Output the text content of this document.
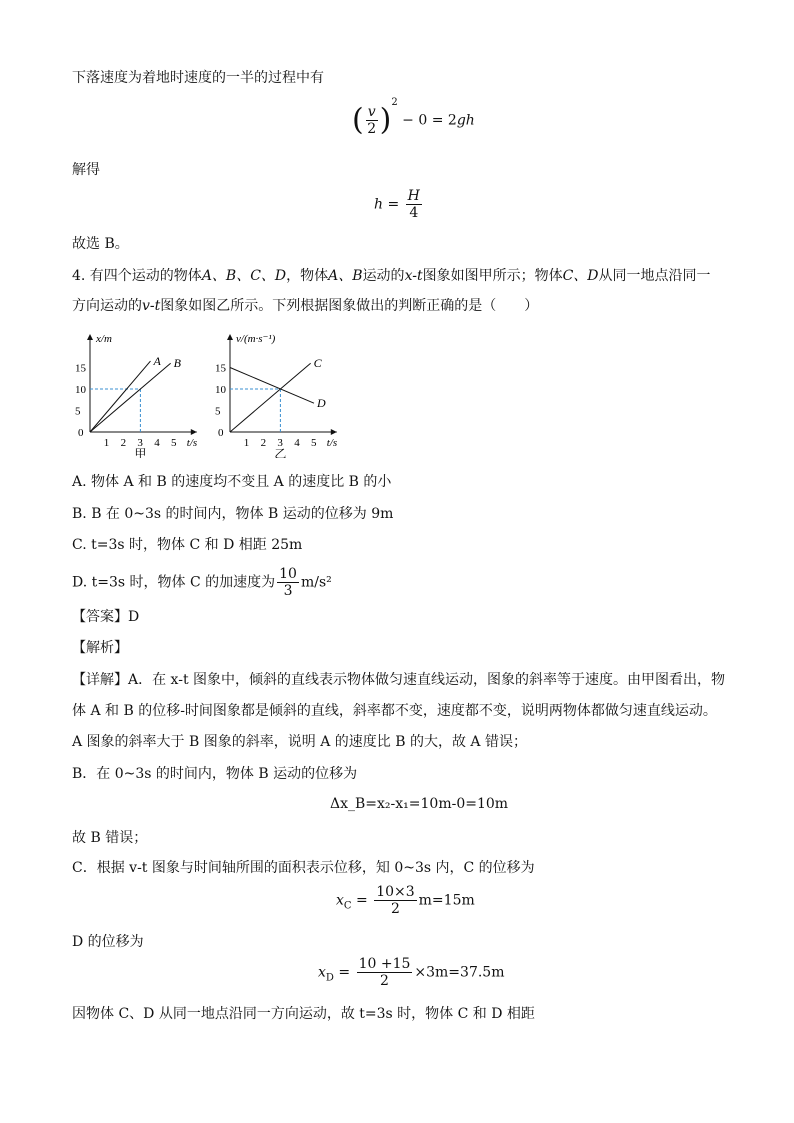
下落速度为着地时速度的一半的过程中有
( $\frac{v}{2} )^2 - 0 = 2gh$
解得
$h = \frac{H}{4}$
故选 B。
4. 有四个运动的物体A、B、C、D，物体A、B运动的x-t图象如图甲所示；物体C、D从同一地点沿同一
方向运动的v-t图象如图乙所示。下列根据图象做出的判断正确的是（　　）
x/m
t/s
0
1 2 3 4 5
5
10
15
A B
甲
v/(m·s⁻¹)
t/s
0
1 2 3 4 5
5
10
15	C
D
乙
A. 物体 A 和 B 的速度均不变且 A 的速度比 B 的小
B. B 在 0~3s 的时间内，物体 B 运动的位移为 9m
C. t=3s 时，物体 C 和 D 相距 25m
D. t=3s 时，物体 C 的加速度为 $\frac{10}{3} m/s^2$
【答案】D
【解析】
【详解】A．在 x-t 图象中，倾斜的直线表示物体做匀速直线运动，图象的斜率等于速度。由甲图看出，物
体 A 和 B 的位移-时间图象都是倾斜的直线，斜率都不变，速度都不变，说明两物体都做匀速直线运动。
A 图象的斜率大于 B 图象的斜率，说明 A 的速度比 B 的大，故 A 错误；
B．在 0~3s 的时间内，物体 B 运动的位移为
Δx_B=x₂-x₁=10m-0=10m
故 B 错误；
C．根据 v-t 图象与时间轴所围的面积表示位移，知 0~3s 内，C 的位移为
$x_C = \frac{10\times 3}{2} m=15m$
D 的位移为
$x_D = \frac{10 +15}{2} \times 3m=37.5m$
因物体 C、D 从同一地点沿同一方向运动，故 t=3s 时，物体 C 和 D 相距
